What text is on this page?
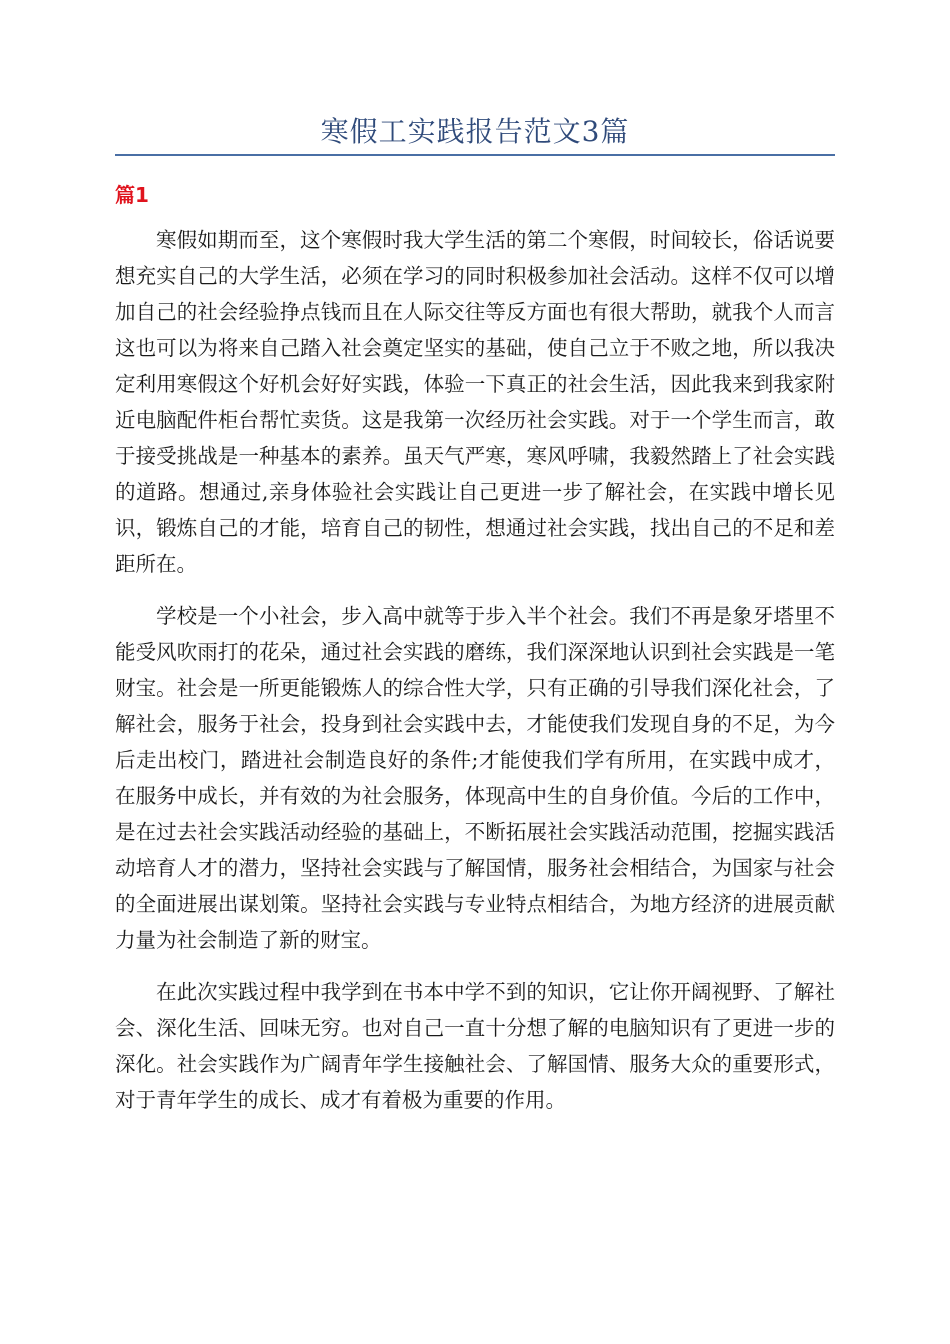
寒假工实践报告范文3篇
篇1

寒假如期而至，这个寒假时我大学生活的第二个寒假，时间较长，俗话说要想充实自己的大学生活，必须在学习的同时积极参加社会活动。这样不仅可以增加自己的社会经验挣点钱而且在人际交往等反方面也有很大帮助，就我个人而言这也可以为将来自己踏入社会奠定坚实的基础，使自己立于不败之地，所以我决定利用寒假这个好机会好好实践，体验一下真正的社会生活，因此我来到我家附近电脑配件柜台帮忙卖货。这是我第一次经历社会实践。对于一个学生而言，敢于接受挑战是一种基本的素养。虽天气严寒，寒风呼啸，我毅然踏上了社会实践的道路。想通过,亲身体验社会实践让自己更进一步了解社会，在实践中增长见识，锻炼自己的才能，培育自己的韧性，想通过社会实践，找出自己的不足和差距所在。

学校是一个小社会，步入高中就等于步入半个社会。我们不再是象牙塔里不能受风吹雨打的花朵，通过社会实践的磨练，我们深深地认识到社会实践是一笔财宝。社会是一所更能锻炼人的综合性大学，只有正确的引导我们深化社会，了解社会，服务于社会，投身到社会实践中去，才能使我们发现自身的不足，为今后走出校门，踏进社会制造良好的条件;才能使我们学有所用，在实践中成才，在服务中成长，并有效的为社会服务，体现高中生的自身价值。今后的工作中，是在过去社会实践活动经验的基础上，不断拓展社会实践活动范围，挖掘实践活动培育人才的潜力，坚持社会实践与了解国情，服务社会相结合，为国家与社会的全面进展出谋划策。坚持社会实践与专业特点相结合，为地方经济的进展贡献力量为社会制造了新的财宝。

在此次实践过程中我学到在书本中学不到的知识，它让你开阔视野、了解社会、深化生活、回味无穷。也对自己一直十分想了解的电脑知识有了更进一步的深化。社会实践作为广阔青年学生接触社会、了解国情、服务大众的重要形式，对于青年学生的成长、成才有着极为重要的作用。
